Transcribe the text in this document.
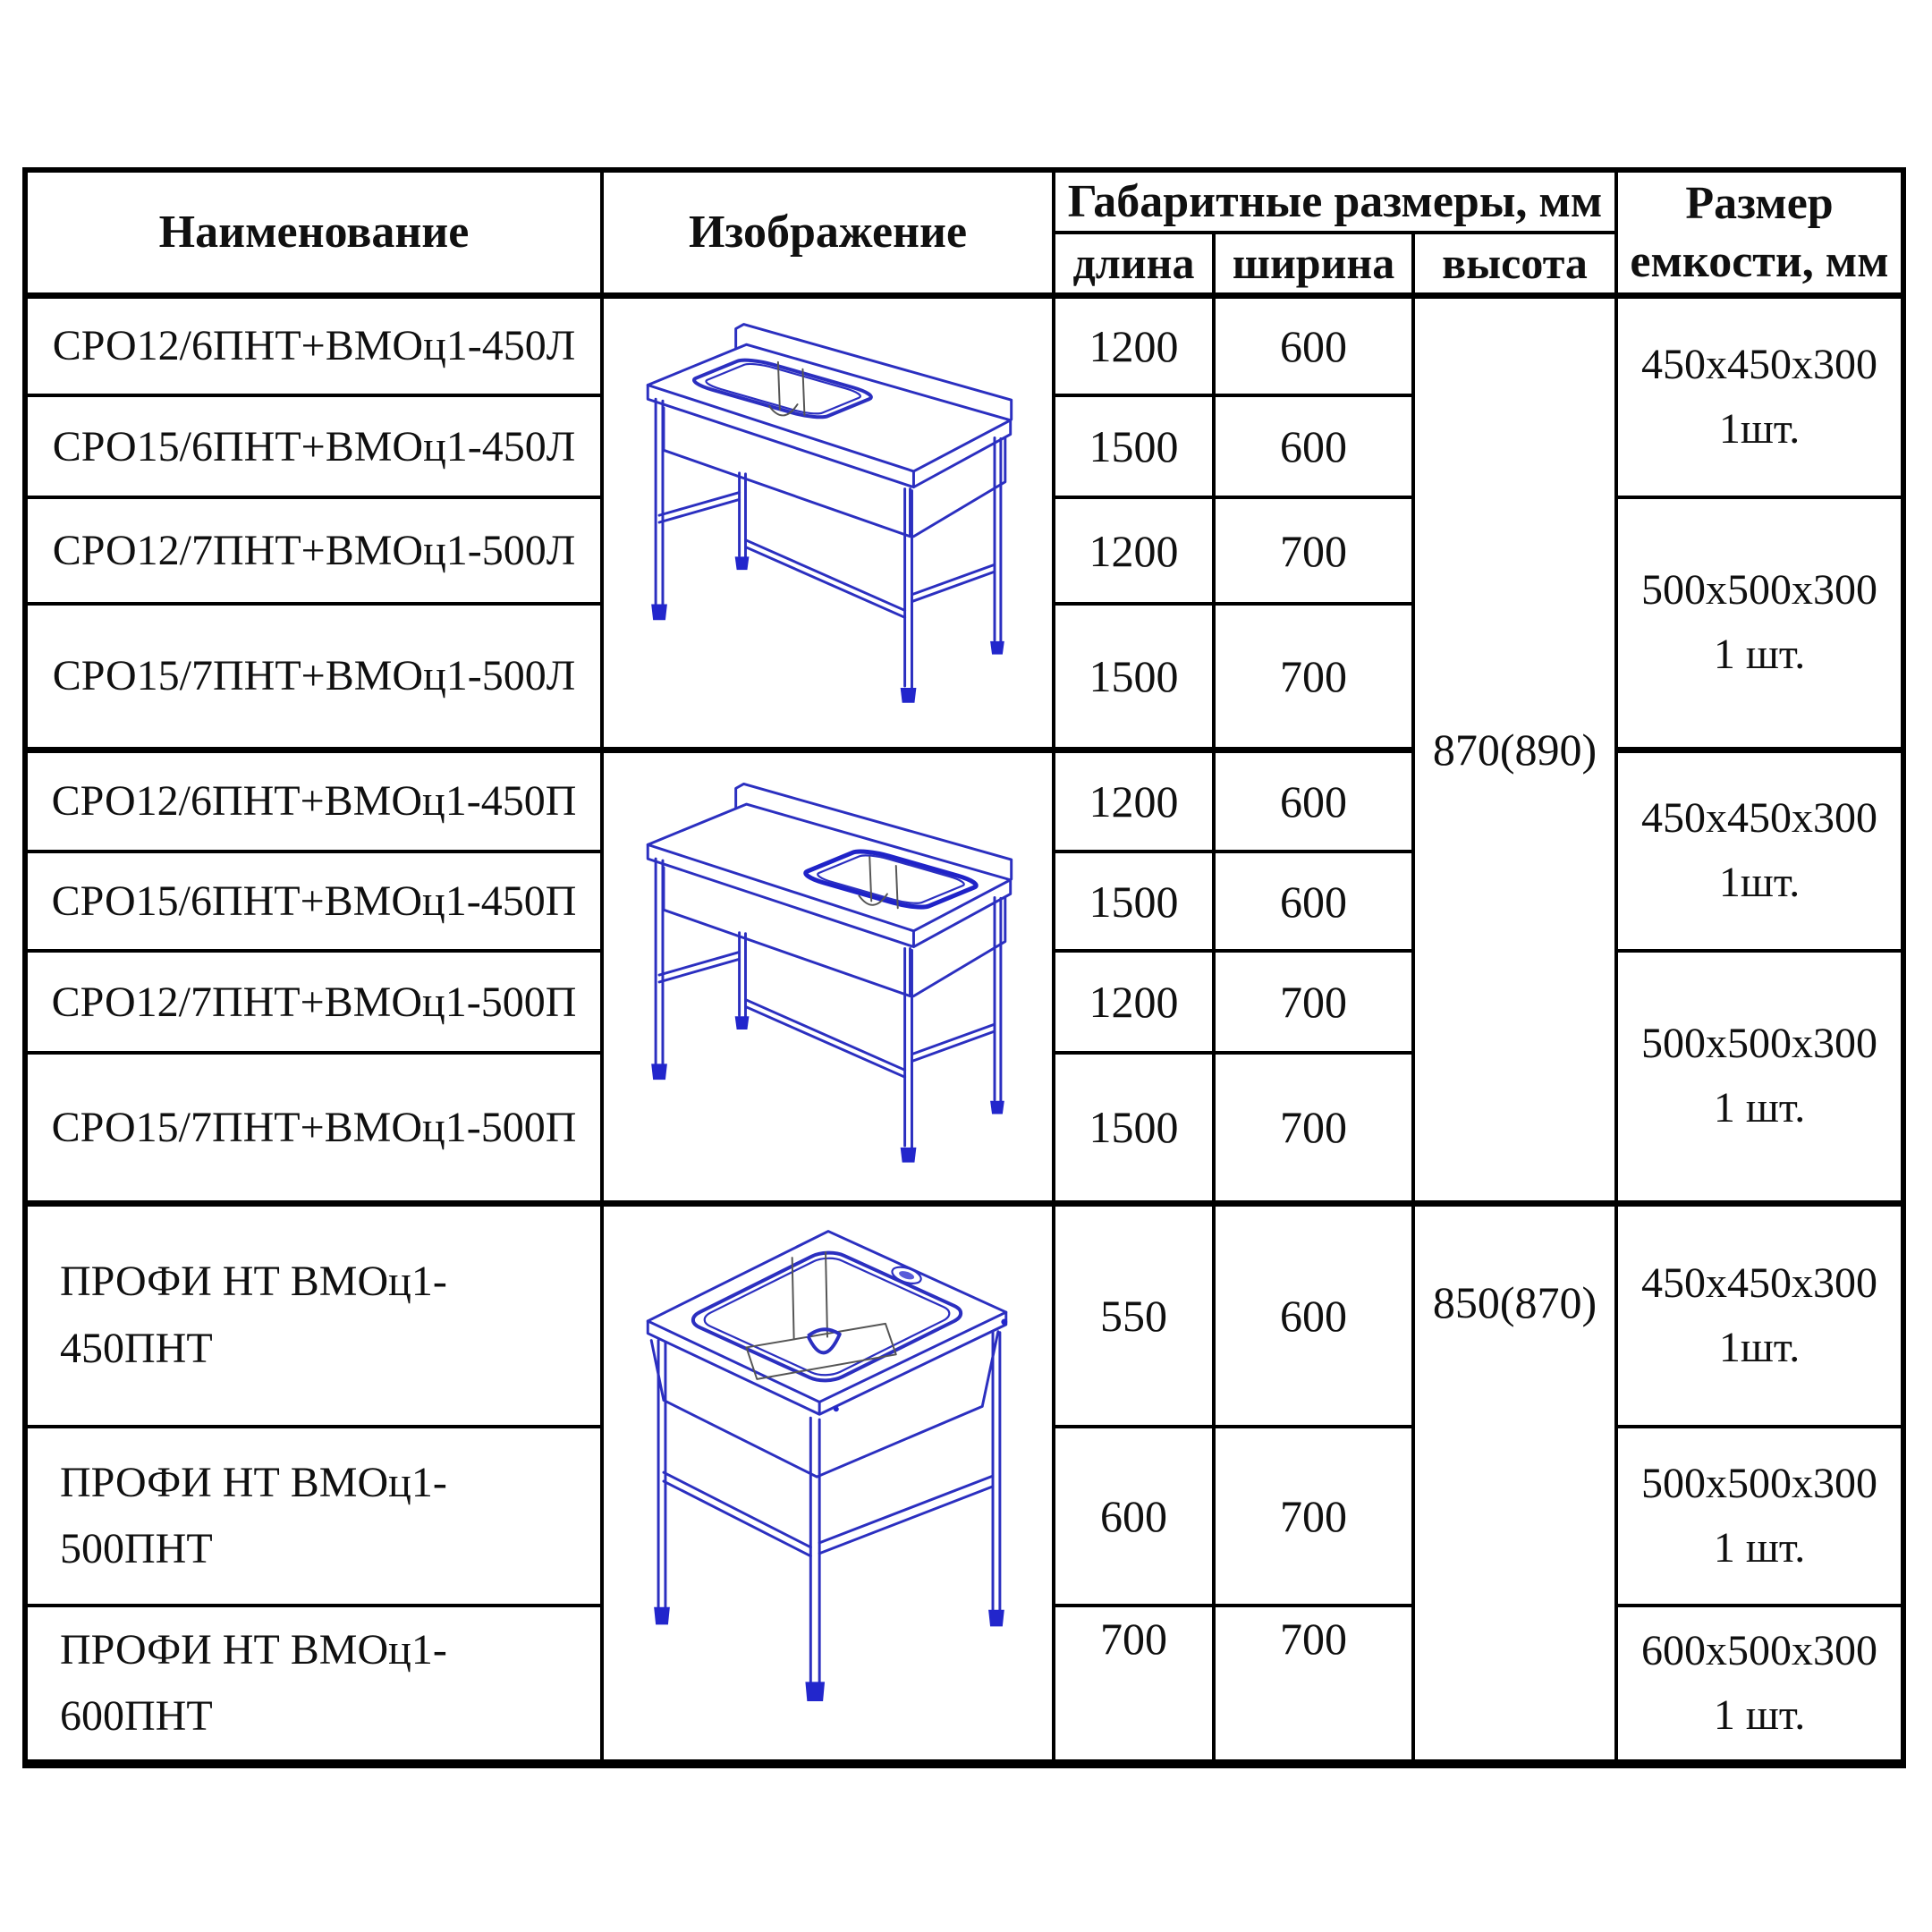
Наименование	Изображение	Габаритные размеры, мм			Размер емкости, мм
		длина	ширина	высота	
СРО12/6ПНТ+ВМОц1-450Л		1200	600	870(890)	450x450x300
1шт.

СРО15/6ПНТ+ВМОц1-450Л		1500	600		
СРО12/7ПНТ+ВМОц1-500Л		1200	700		500x500x300
1 шт.

СРО15/7ПНТ+ВМОц1-500Л		1500	700		
СРО12/6ПНТ+ВМОц1-450П		1200	600		450x450x300
1шт.

СРО15/6ПНТ+ВМОц1-450П		1500	600		
СРО12/7ПНТ+ВМОц1-500П		1200	700		500x500x300
1 шт.

СРО15/7ПНТ+ВМОц1-500П		1500	700		

ПРОФИ НТ ВМОц1-
450ПНТ		550	600	850(870)	450x450x300
1шт.

ПРОФИ НТ ВМОц1-
500ПНТ		600	700		500x500x300
1 шт.

ПРОФИ НТ ВМОц1-
600ПНТ		700	700		600x500x300
1 шт.
